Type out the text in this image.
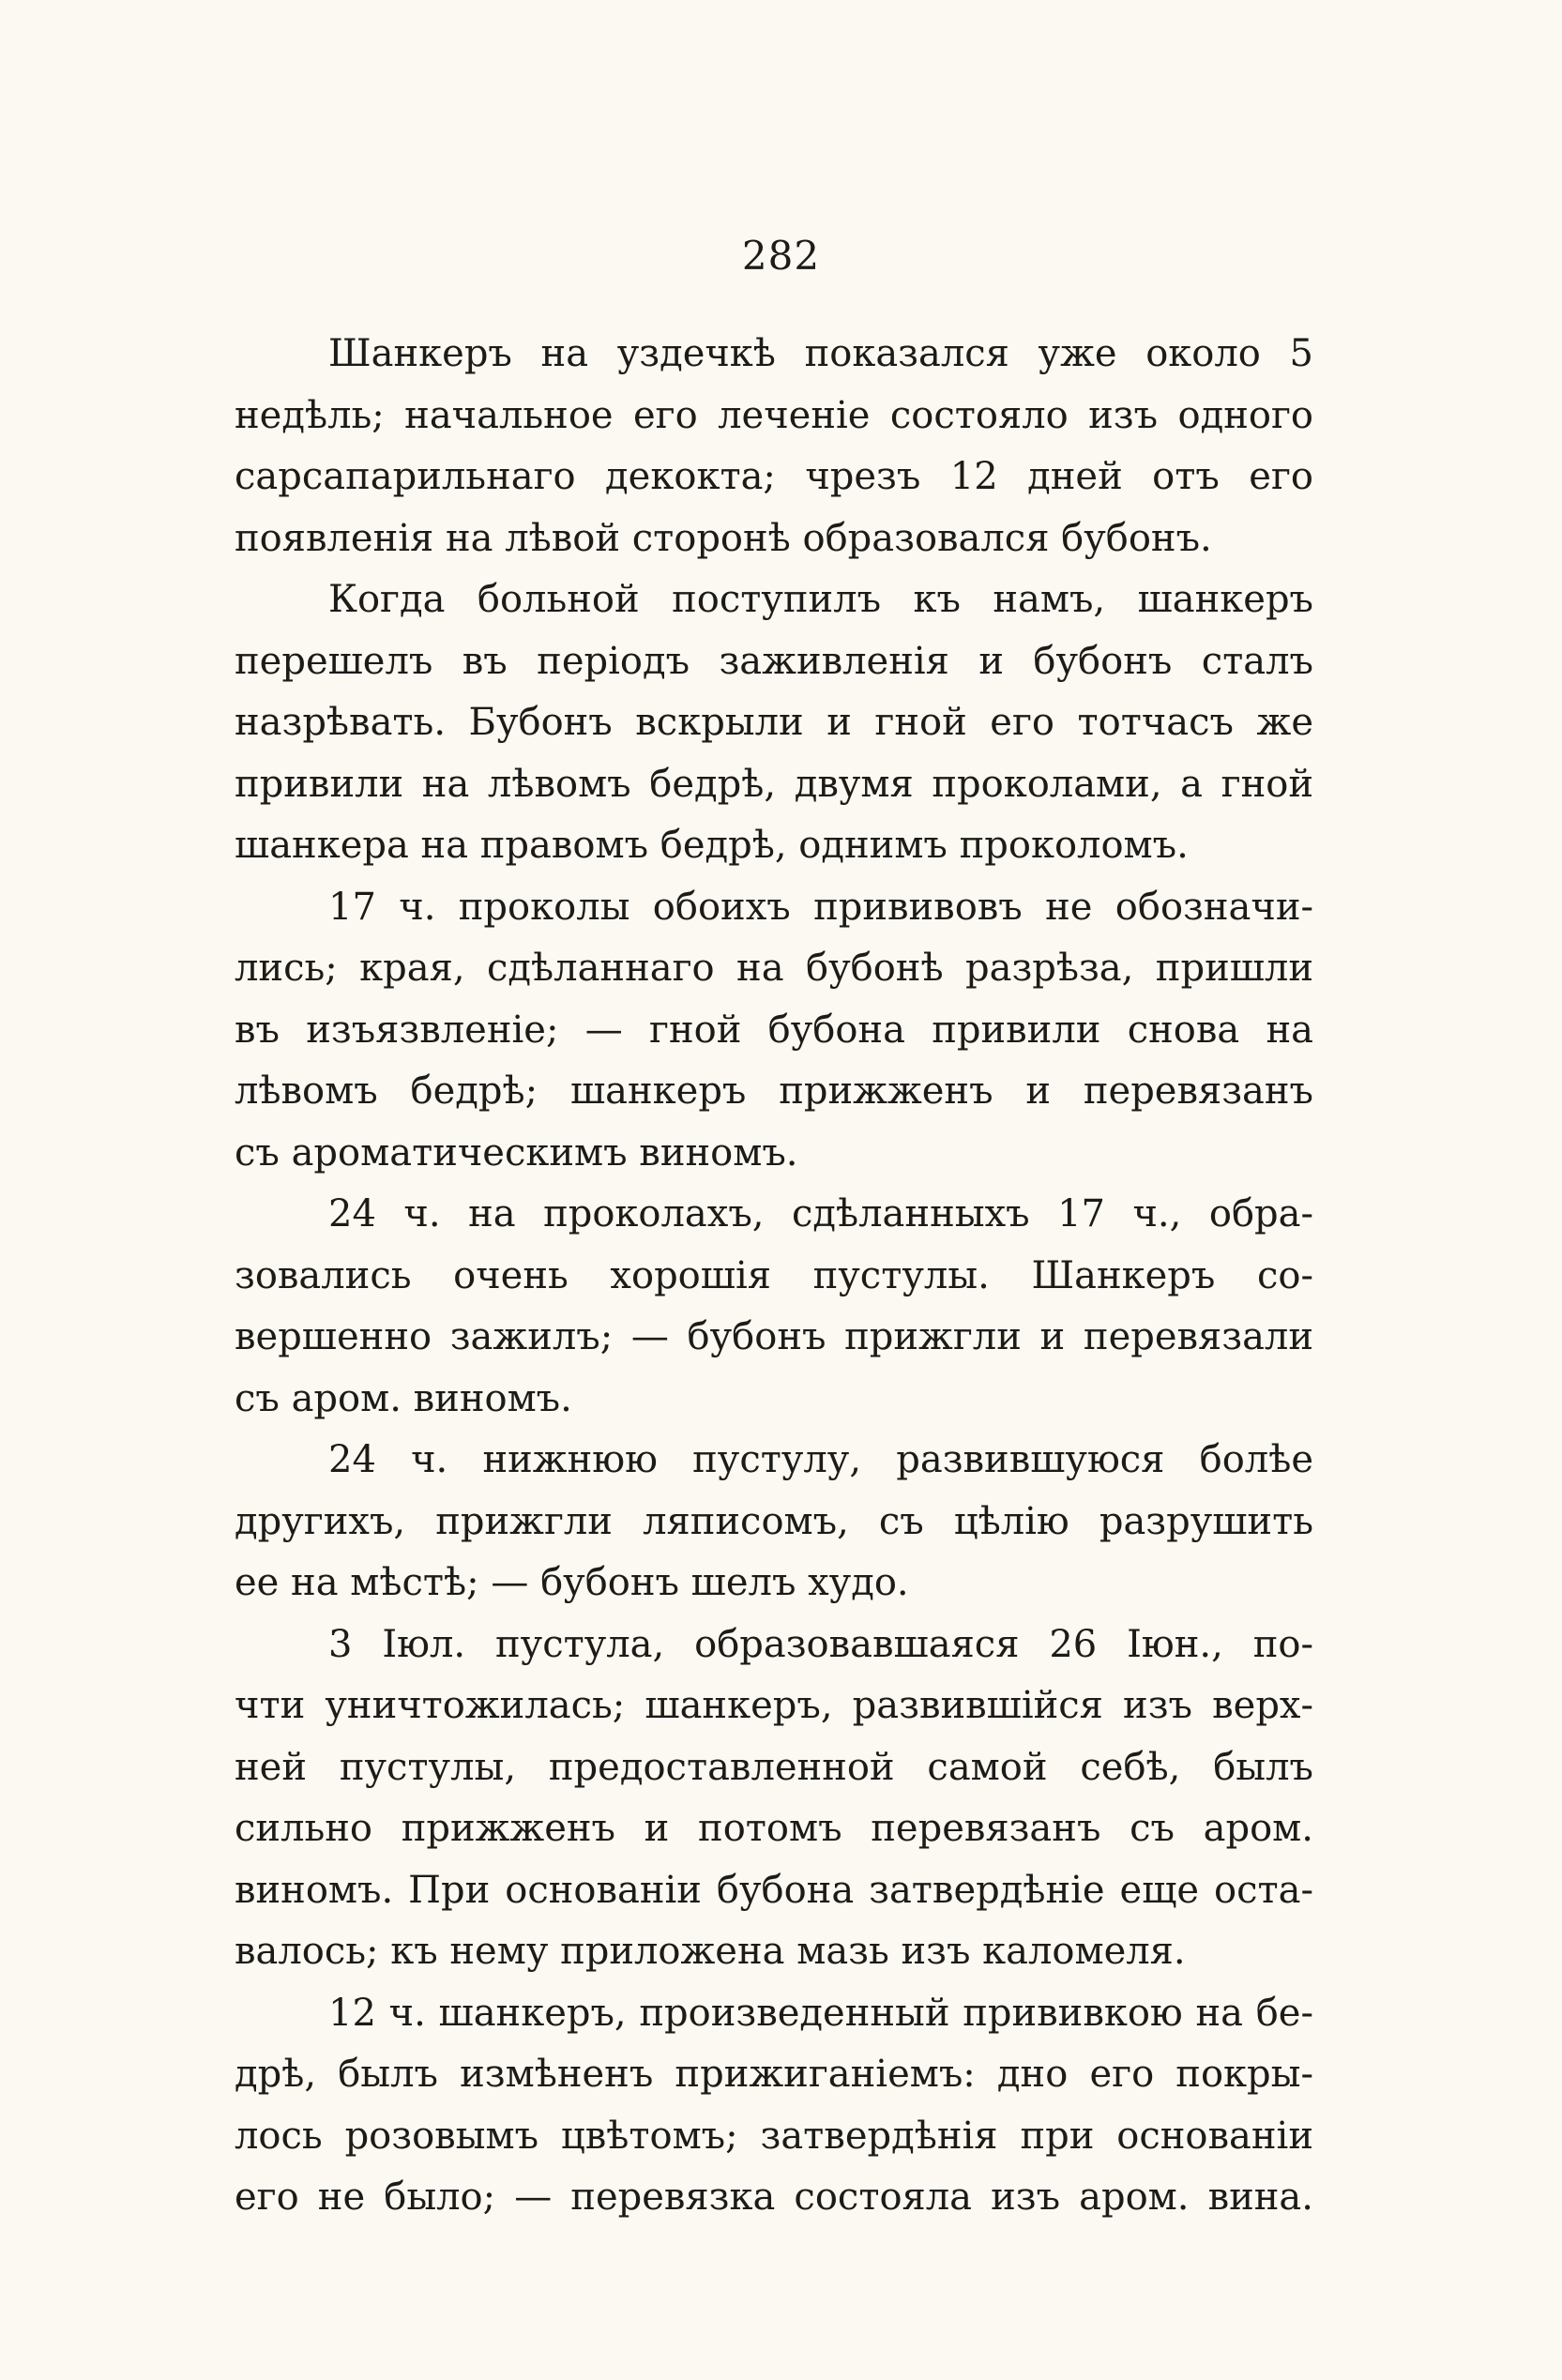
282
Шанкеръ на уздечкѣ показался уже около 5
недѣль; начальное его леченіе состояло изъ одного
сарсапарильнаго декокта; чрезъ 12 дней отъ его
появленія на лѣвой сторонѣ образовался бубонъ.
Когда больной поступилъ къ намъ, шанкеръ
перешелъ въ періодъ заживленія и бубонъ сталъ
назрѣвать. Бубонъ вскрыли и гной его тотчасъ же
привили на лѣвомъ бедрѣ, двумя проколами, а гной
шанкера на правомъ бедрѣ, однимъ проколомъ.
17 ч. проколы обоихъ прививовъ не обозначи-
лись; края, сдѣланнаго на бубонѣ разрѣза, пришли
въ изъязвленіе; — гной бубона привили снова на
лѣвомъ бедрѣ; шанкеръ прижженъ и перевязанъ
съ ароматическимъ виномъ.
24 ч. на проколахъ, сдѣланныхъ 17 ч., обра-
зовались очень хорошія пустулы. Шанкеръ со-
вершенно зажилъ; — бубонъ прижгли и перевязали
съ аром. виномъ.
24 ч. нижнюю пустулу, развившуюся болѣе
другихъ, прижгли ляписомъ, съ цѣлію разрушить
ее на мѣстѣ; — бубонъ шелъ худо.
3 Іюл. пустула, образовавшаяся 26 Іюн., по-
чти уничтожилась; шанкеръ, развившійся изъ верх-
ней пустулы, предоставленной самой себѣ, былъ
сильно прижженъ и потомъ перевязанъ съ аром.
виномъ. При основаніи бубона затвердѣніе еще оста-
валось; къ нему приложена мазь изъ каломеля.
12 ч. шанкеръ, произведенный прививкою на бе-
дрѣ, былъ измѣненъ прижиганіемъ: дно его покры-
лось розовымъ цвѣтомъ; затвердѣнія при основаніи
его не было; — перевязка состояла изъ аром. вина.
